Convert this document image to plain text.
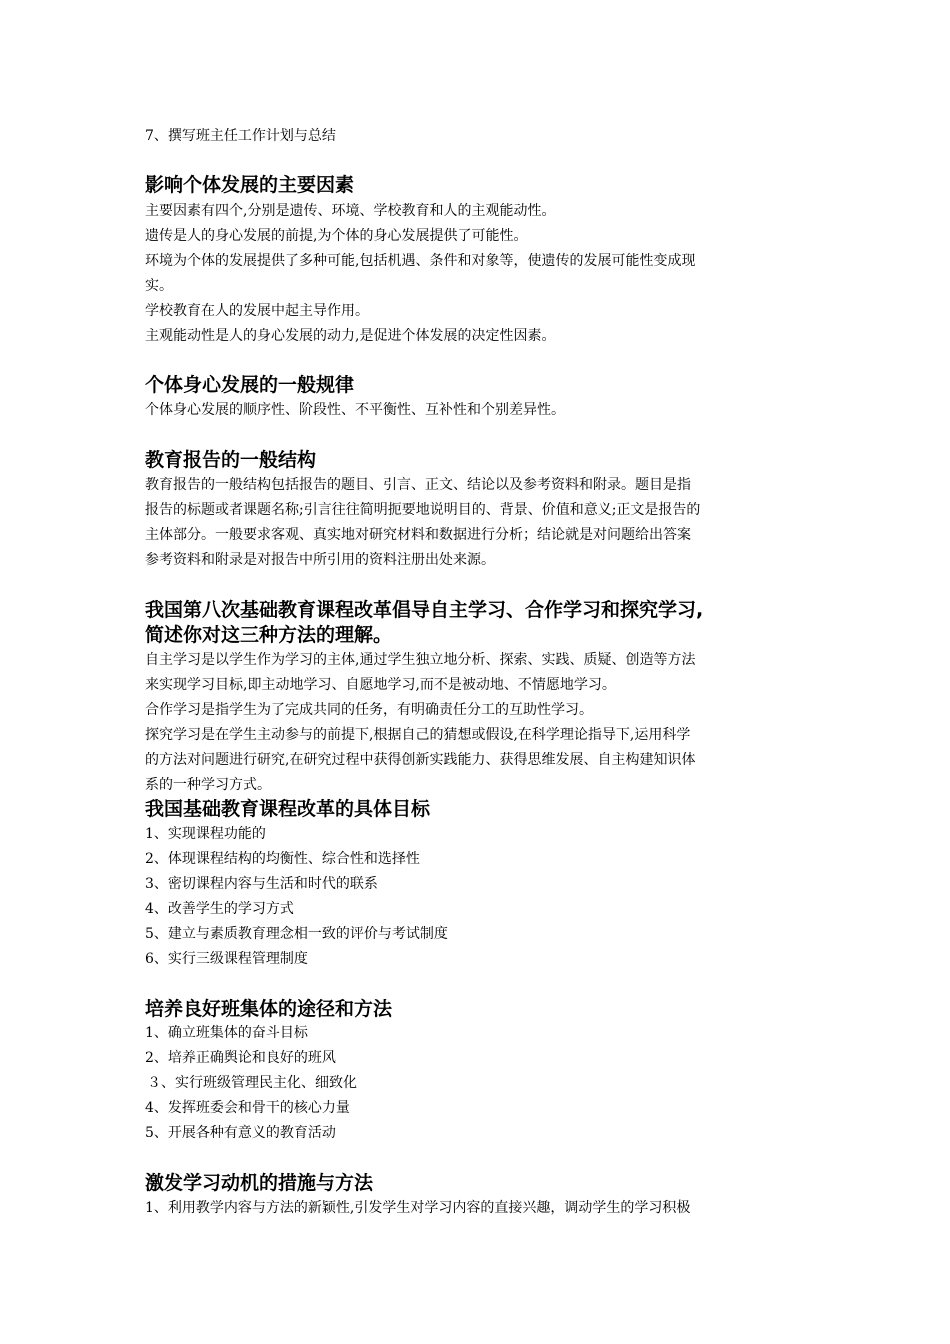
7、撰写班主任工作计划与总结
影响个体发展的主要因素
主要因素有四个,分别是遗传、环境、学校教育和人的主观能动性。
遗传是人的身心发展的前提,为个体的身心发展提供了可能性。
环境为个体的发展提供了多种可能,包括机遇、条件和对象等，使遗传的发展可能性变成现
实。
学校教育在人的发展中起主导作用。
主观能动性是人的身心发展的动力,是促进个体发展的决定性因素。
个体身心发展的一般规律
个体身心发展的顺序性、阶段性、不平衡性、互补性和个别差异性。
教育报告的一般结构
教育报告的一般结构包括报告的题目、引言、正文、结论以及参考资料和附录。题目是指
报告的标题或者课题名称;引言往往简明扼要地说明目的、背景、价值和意义;正文是报告的
主体部分。一般要求客观、真实地对研究材料和数据进行分析；结论就是对问题给出答案
参考资料和附录是对报告中所引用的资料注册出处来源。
我国第八次基础教育课程改革倡导自主学习、合作学习和探究学习,
简述你对这三种方法的理解。
自主学习是以学生作为学习的主体,通过学生独立地分析、探索、实践、质疑、创造等方法
来实现学习目标,即主动地学习、自愿地学习,而不是被动地、不情愿地学习。
合作学习是指学生为了完成共同的任务，有明确责任分工的互助性学习。
探究学习是在学生主动参与的前提下,根据自己的猜想或假设,在科学理论指导下,运用科学
的方法对问题进行研究,在研究过程中获得创新实践能力、获得思维发展、自主构建知识体
系的一种学习方式。
我国基础教育课程改革的具体目标
1、实现课程功能的
2、体现课程结构的均衡性、综合性和选择性
3、密切课程内容与生活和时代的联系
4、改善学生的学习方式
5、建立与素质教育理念相一致的评价与考试制度
6、实行三级课程管理制度
培养良好班集体的途径和方法
1、确立班集体的奋斗目标
2、培养正确舆论和良好的班风
３、实行班级管理民主化、细致化
4、发挥班委会和骨干的核心力量
5、开展各种有意义的教育活动
激发学习动机的措施与方法
1、利用教学内容与方法的新颖性,引发学生对学习内容的直接兴趣，调动学生的学习积极
